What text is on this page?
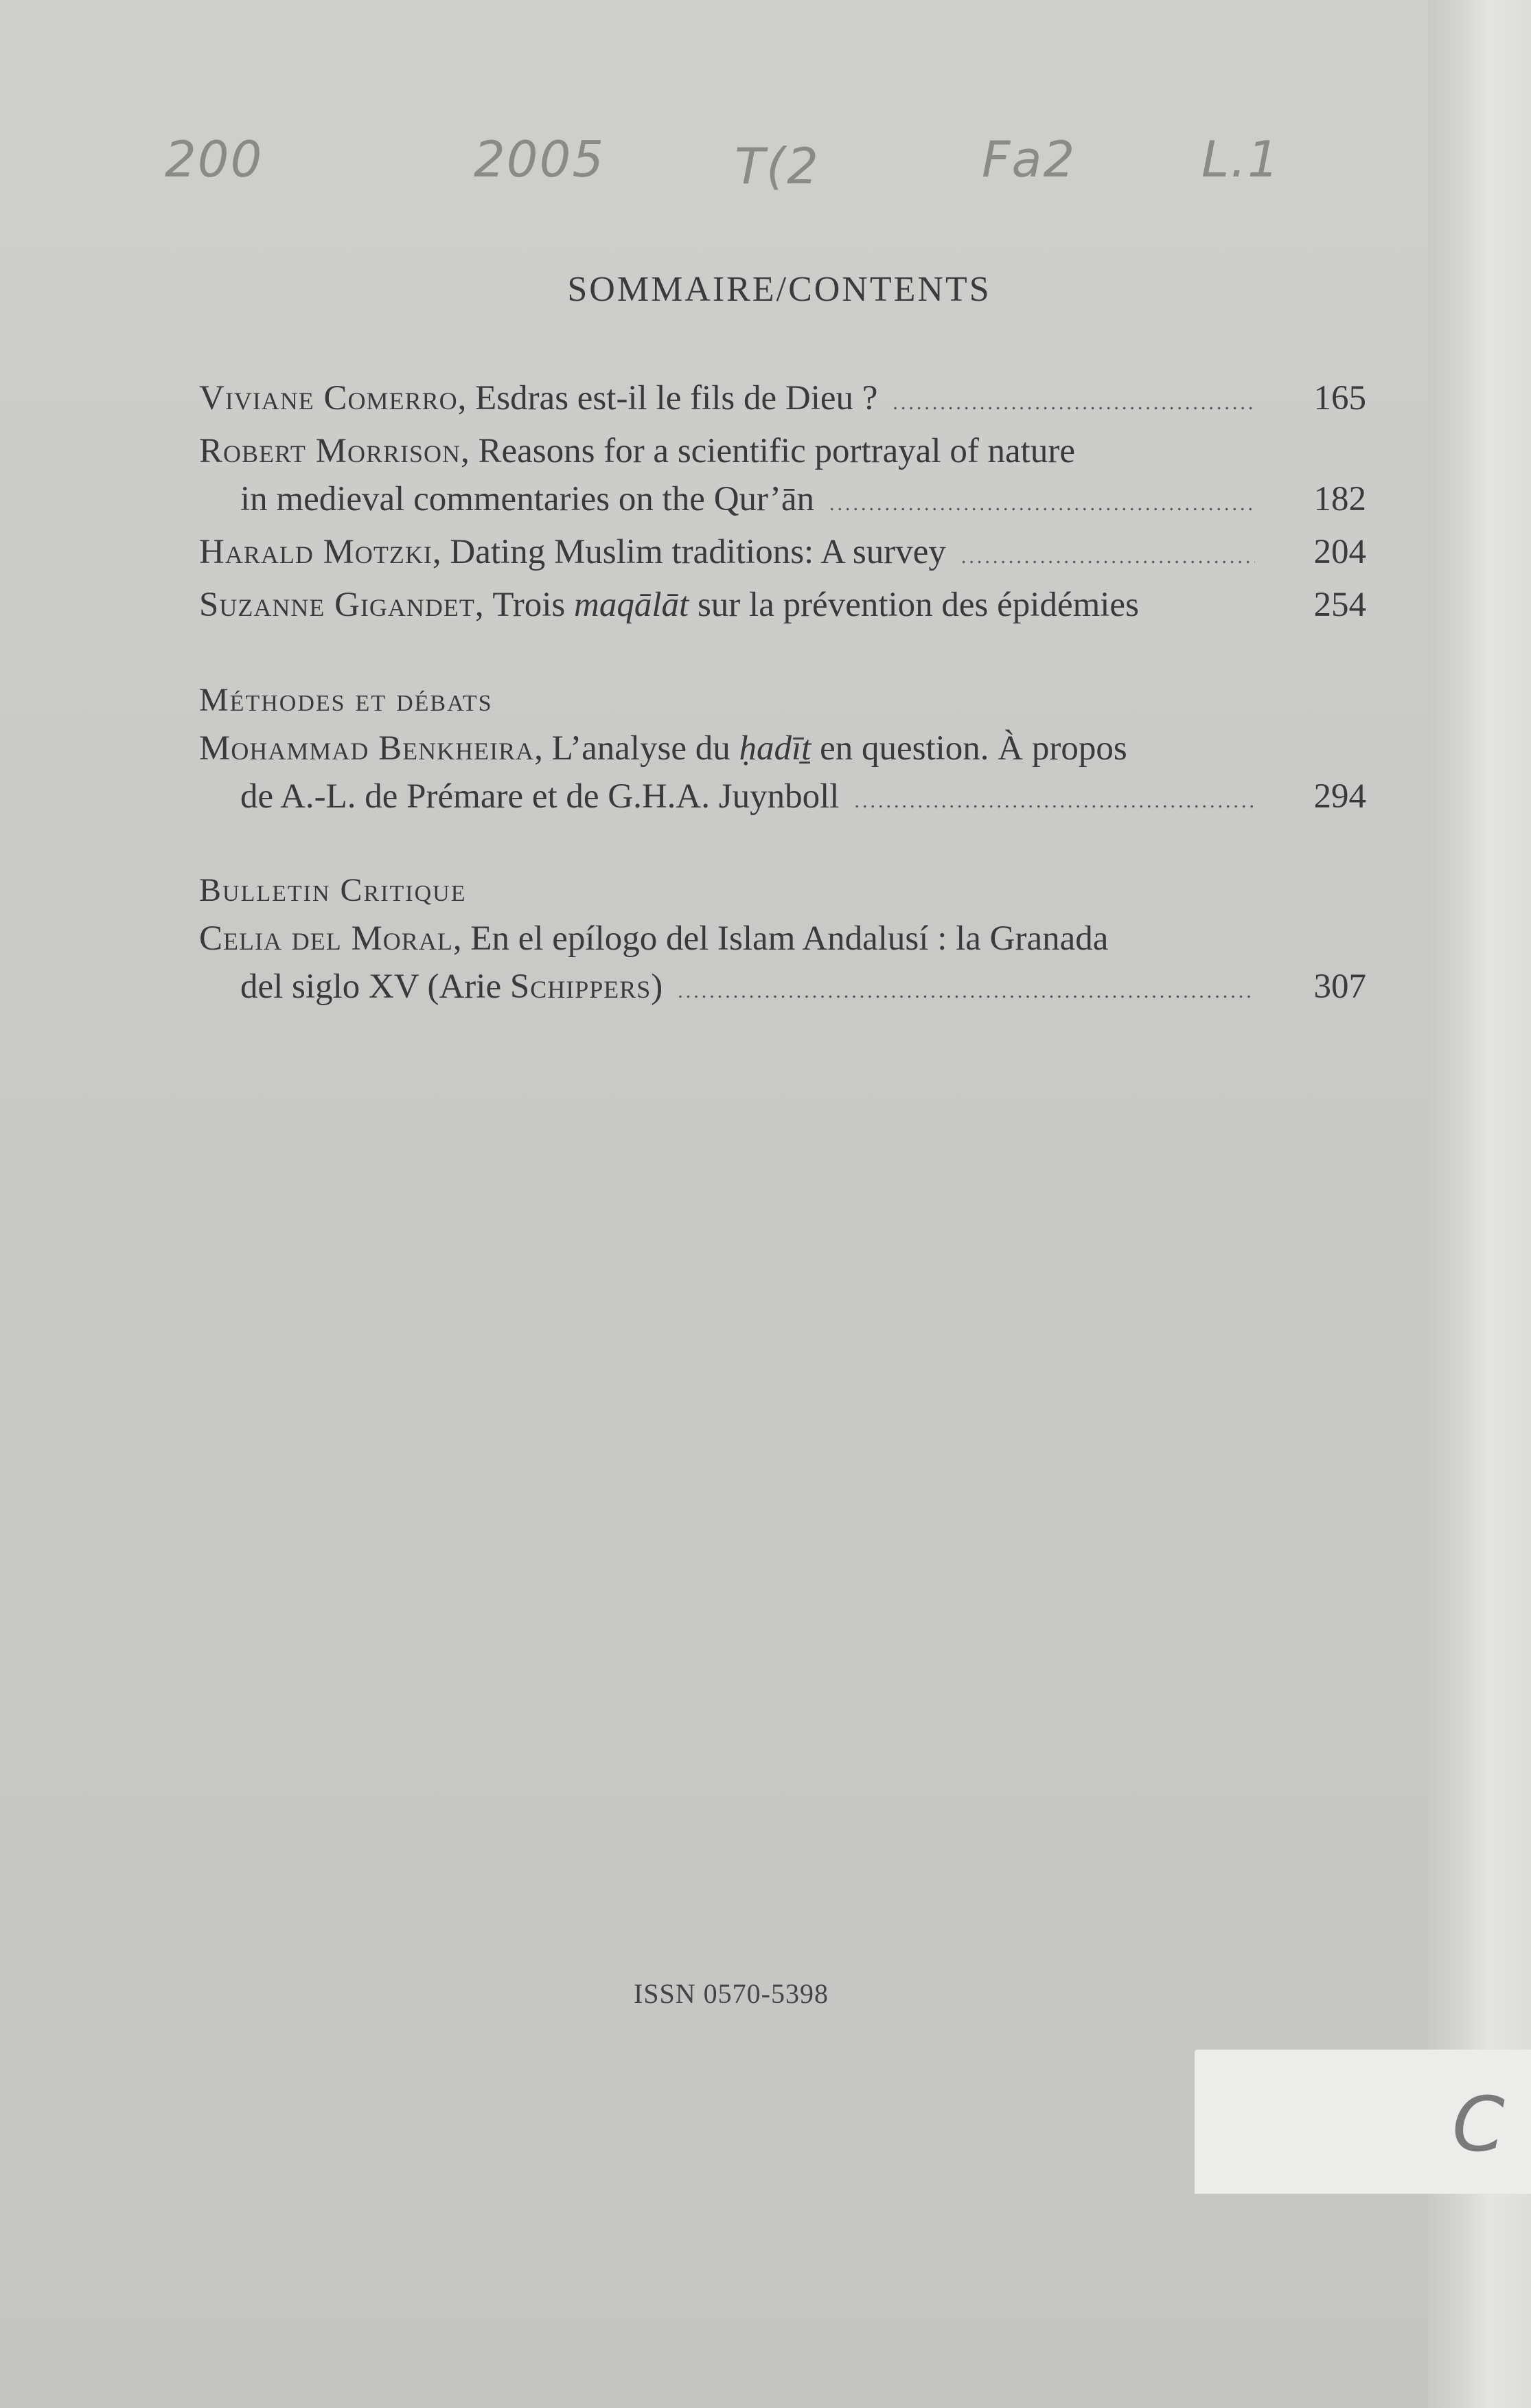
200	2005	T(2	Fa2	L.1
SOMMAIRE/CONTENTS
Viviane Comerro , Esdras est-il le fils de Dieu ? .....	165
Robert Morrison , Reasons for a scientific portrayal of nature
in medieval commentaries on the Qur’ān .....	182
Harald Motzki , Dating Muslim traditions: A survey .....	204
Suzanne Gigandet , Trois maqālāt sur la prévention des épidémies	254
Méthodes et débats
Mohammad Benkheira , L’analyse du ḥadīṯ en question. À propos
de A.-L. de Prémare et de G.H.A. Juynboll .....	294
Bulletin Critique
Celia del Moral , En el epílogo del Islam Andalusí : la Granada
del siglo XV (Arie Schippers) .....	307
ISSN 0570-5398
C
